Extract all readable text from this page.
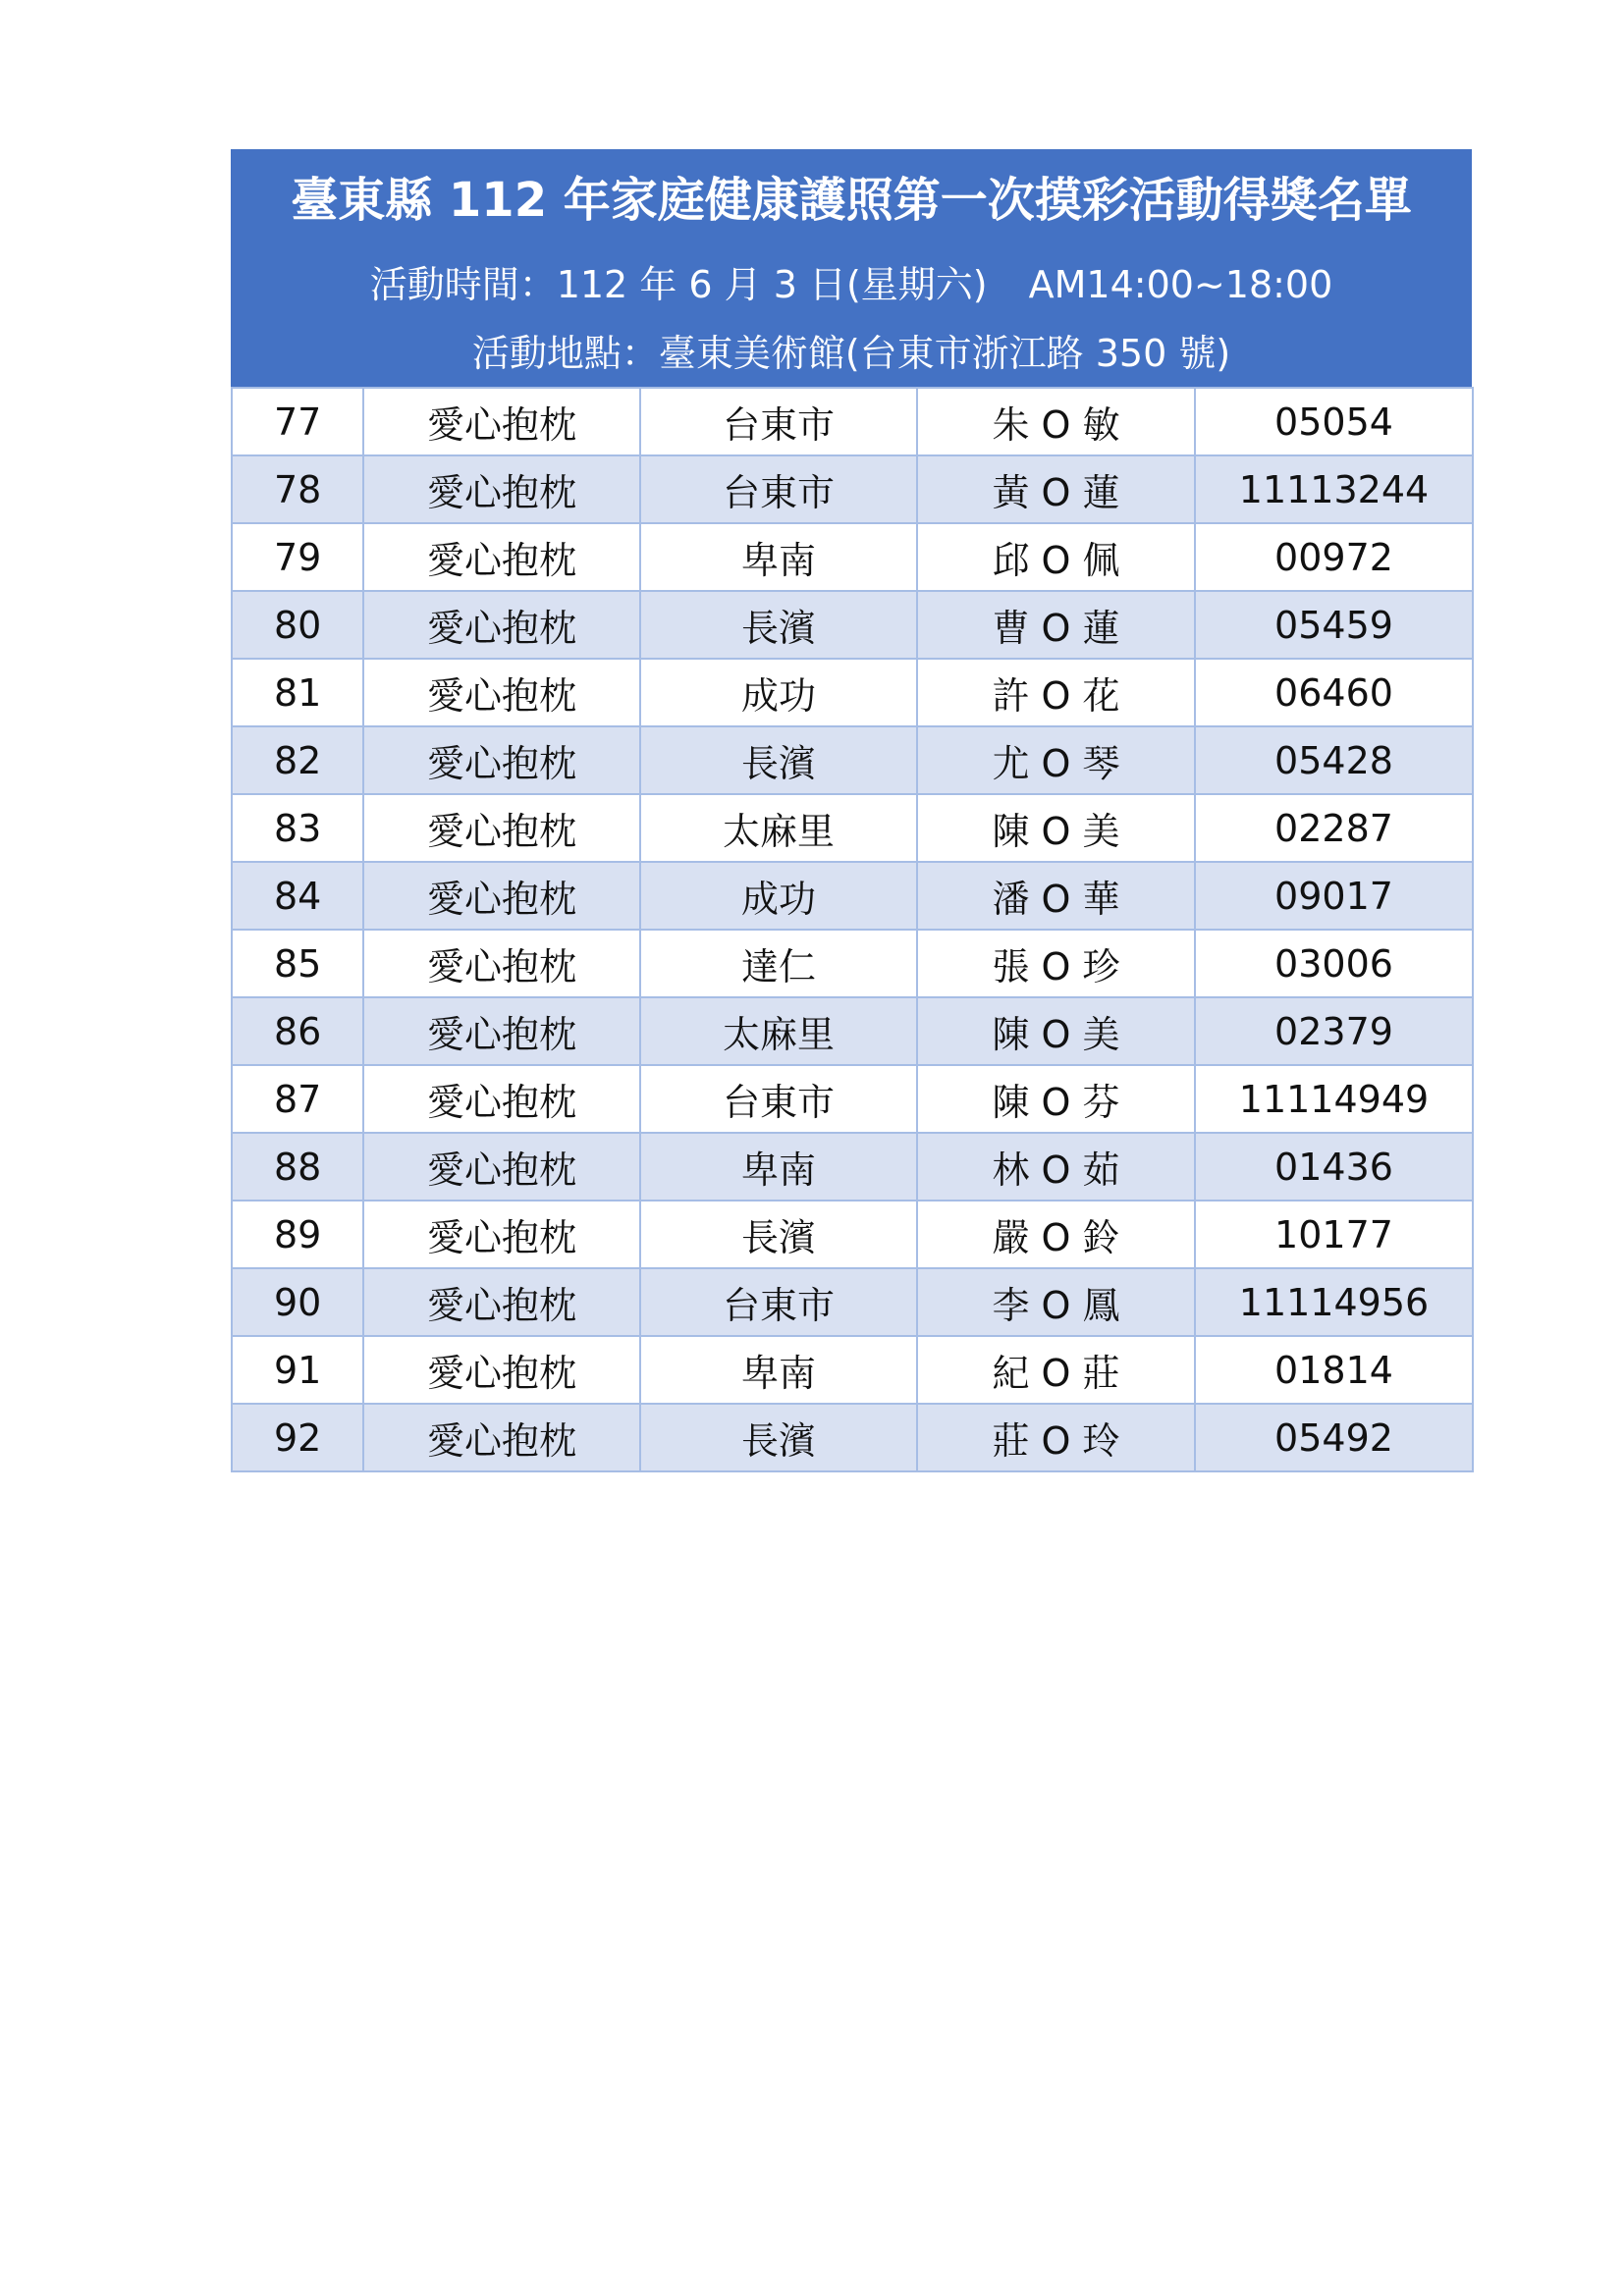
臺東縣 112 年家庭健康護照第一次摸彩活動得獎名單
活動時間：112 年 6 月 3 日(星期六) AM14:00~18:00
活動地點：臺東美術館(台東市浙江路 350 號)
77	愛心抱枕	台東市	朱 O 敏	05054
78	愛心抱枕	台東市	黃 O 蓮	11113244
79	愛心抱枕	卑南	邱 O 佩	00972
80	愛心抱枕	長濱	曹 O 蓮	05459
81	愛心抱枕	成功	許 O 花	06460
82	愛心抱枕	長濱	尤 O 琴	05428
83	愛心抱枕	太麻里	陳 O 美	02287
84	愛心抱枕	成功	潘 O 華	09017
85	愛心抱枕	達仁	張 O 珍	03006
86	愛心抱枕	太麻里	陳 O 美	02379
87	愛心抱枕	台東市	陳 O 芬	11114949
88	愛心抱枕	卑南	林 O 茹	01436
89	愛心抱枕	長濱	嚴 O 鈴	10177
90	愛心抱枕	台東市	李 O 鳳	11114956
91	愛心抱枕	卑南	紀 O 莊	01814
92	愛心抱枕	長濱	莊 O 玲	05492
